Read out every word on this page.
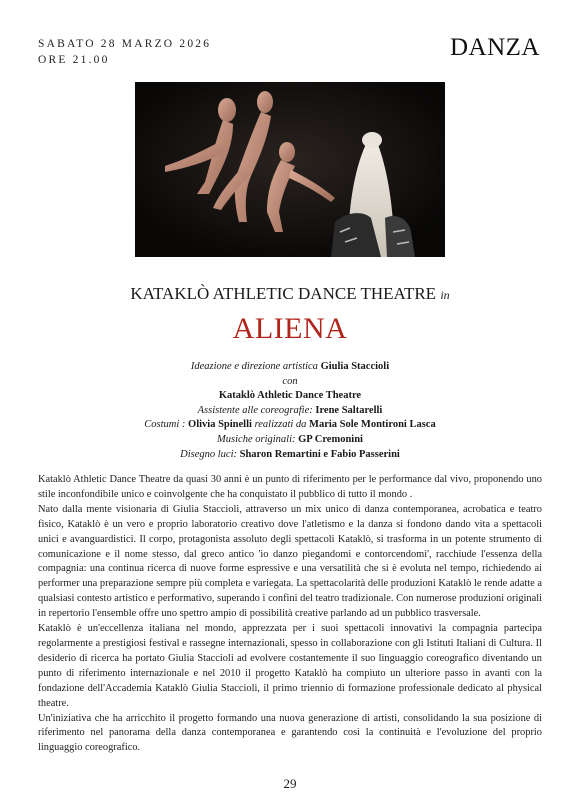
SABATO 28 MARZO 2026
ORE 21.00	DANZA
KATAKLÒ ATHLETIC DANCE THEATRE in
ALIENA
Ideazione e direzione artistica Giulia Staccioli
con
Kataklò Athletic Dance Theatre
Assistente alle coreografie: Irene Saltarelli
Costumi : Olivia Spinelli realizzati da Maria Sole Montironi Lasca
Musiche originali: GP Cremonini
Disegno luci: Sharon Remartini e Fabio Passerini

Kataklò Athletic Dance Theatre da quasi 30 anni è un punto di riferimento per le performance dal vivo, proponendo uno stile inconfondibile unico e coinvolgente che ha conquistato il pubblico di tutto il mondo .

Nato dalla mente visionaria di Giulia Staccioli, attraverso un mix unico di danza contemporanea, acrobatica e teatro fisico, Kataklò è un vero e proprio laboratorio creativo dove l'atletismo e la danza si fondono dando vita a spettacoli unici e avanguardistici. Il corpo, protagonista assoluto degli spettacoli Kataklò, si trasforma in un potente strumento di comunicazione e il nome stesso, dal greco antico 'io danzo piegandomi e contorcendomi', racchiude l'essenza della compagnia: una continua ricerca di nuove forme espressive e una versatilità che si è evoluta nel tempo, richiedendo ai performer una preparazione sempre più completa e variegata. La spettacolarità delle produzioni Kataklò le rende adatte a qualsiasi contesto artistico e performativo, superando i confini del teatro tradizionale. Con numerose produzioni originali in repertorio l'ensemble offre uno spettro ampio di possibilità creative parlando ad un pubblico trasversale.

Kataklò è un'eccellenza italiana nel mondo, apprezzata per i suoi spettacoli innovativi la compagnia partecipa regolarmente a prestigiosi festival e rassegne internazionali, spesso in collaborazione con gli Istituti Italiani di Cultura. Il desiderio di ricerca ha portato Giulia Staccioli ad evolvere costantemente il suo linguaggio coreografico diventando un punto di riferimento internazionale e nel 2010 il progetto Kataklò ha compiuto un ulteriore passo in avanti con la fondazione dell'Accademia Kataklò Giulia Staccioli, il primo triennio di formazione professionale dedicato al physical theatre.

Un'iniziativa che ha arricchito il progetto formando una nuova generazione di artisti, consolidando la sua posizione di riferimento nel panorama della danza contemporanea e garantendo così la continuità e l'evoluzione del proprio linguaggio coreografico.

29
